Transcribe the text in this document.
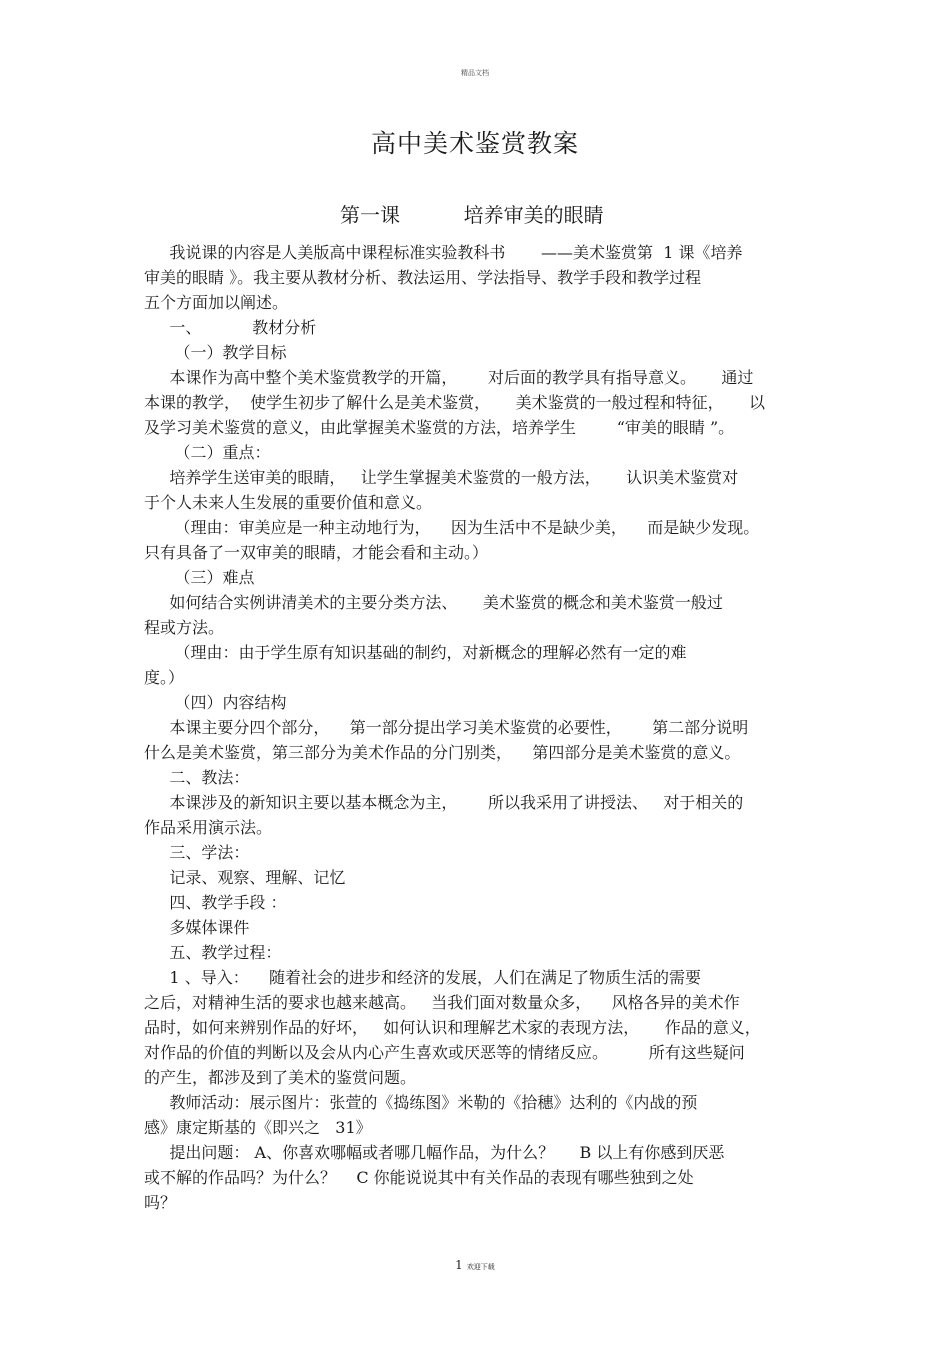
精品文档
高中美术鉴赏教案
第一课          培养审美的眼睛
我说课的内容是人美版高中课程标准实验教科书       ——美术鉴赏第  1 课《培养
审美的眼睛 》。我主要从教材分析、教法运用、学法指导、教学手段和教学过程
五个方面加以阐述。
一、          教材分析
（一）教学目标
本课作为高中整个美术鉴赏教学的开篇，      对后面的教学具有指导意义。     通过
本课的教学，  使学生初步了解什么是美术鉴赏，     美术鉴赏的一般过程和特征，     以
及学习美术鉴赏的意义，由此掌握美术鉴赏的方法，培养学生        “审美的眼睛 ”。
（二）重点：
培养学生送审美的眼睛，   让学生掌握美术鉴赏的一般方法，     认识美术鉴赏对
于个人未来人生发展的重要价值和意义。
（理由：审美应是一种主动地行为，    因为生活中不是缺少美，    而是缺少发现。
只有具备了一双审美的眼睛，才能会看和主动。）
（三）难点
如何结合实例讲清美术的主要分类方法、     美术鉴赏的概念和美术鉴赏一般过
程或方法。
（理由：由于学生原有知识基础的制约，对新概念的理解必然有一定的难
度。）
（四）内容结构
本课主要分四个部分，    第一部分提出学习美术鉴赏的必要性，      第二部分说明
什么是美术鉴赏，第三部分为美术作品的分门别类，    第四部分是美术鉴赏的意义。
二、教法：
本课涉及的新知识主要以基本概念为主，      所以我采用了讲授法、   对于相关的
作品采用演示法。
三、学法：
记录、观察、理解、记忆
四、教学手段 ：
多媒体课件
五、教学过程：
1 、导入：    随着社会的进步和经济的发展，人们在满足了物质生活的需要
之后，对精神生活的要求也越来越高。   当我们面对数量众多，    风格各异的美术作
品时，如何来辨别作品的好坏，   如何认识和理解艺术家的表现方法，     作品的意义，
对作品的价值的判断以及会从内心产生喜欢或厌恶等的情绪反应。        所有这些疑问
的产生，都涉及到了美术的鉴赏问题。
教师活动：展示图片：张萱的《捣练图》米勒的《拾穗》达利的《内战的预
感》康定斯基的《即兴之   31》
提出问题： A、你喜欢哪幅或者哪几幅作品，为什么？     B 以上有你感到厌恶
或不解的作品吗？为什么？    C 你能说说其中有关作品的表现有哪些独到之处
吗？
1 欢迎下载
